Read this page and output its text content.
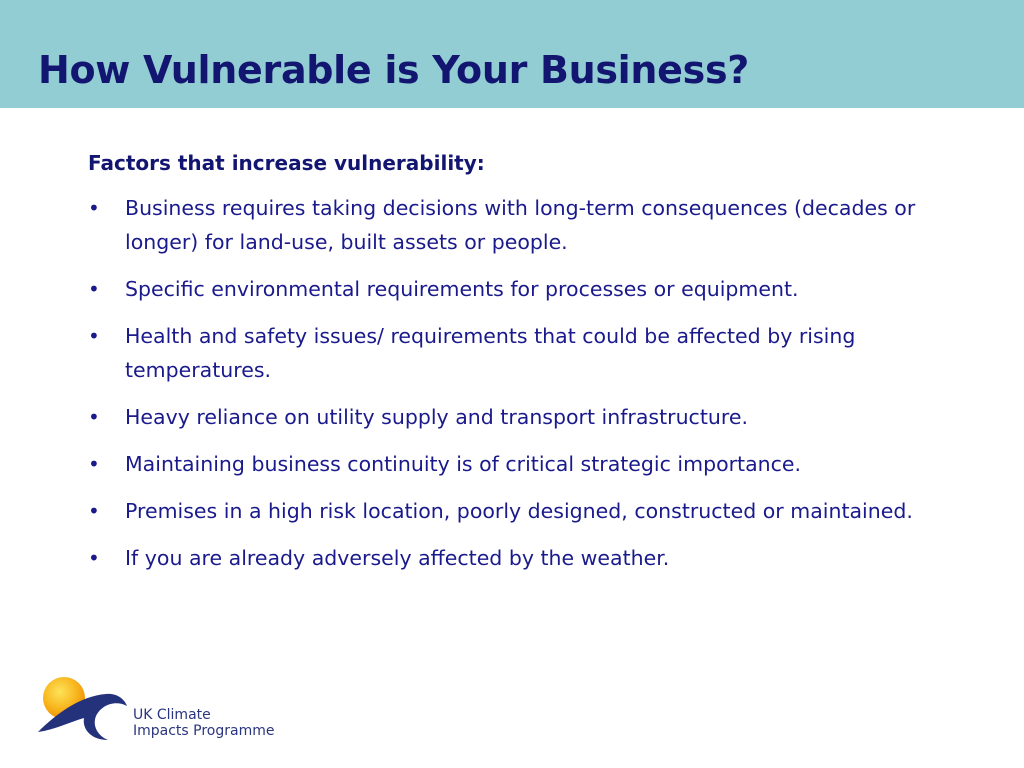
How Vulnerable is Your Business?
Factors that increase vulnerability:
• Business requires taking decisions with long-term consequences (decades or longer) for land-use, built assets or people.
• Specific environmental requirements for processes or equipment.
• Health and safety issues/ requirements that could be affected by rising temperatures.
• Heavy reliance on utility supply and transport infrastructure.
• Maintaining business continuity is of critical strategic importance.
• Premises in a high risk location, poorly designed, constructed or maintained.
• If you are already adversely affected by the weather.
UK Climate
Impacts Programme
